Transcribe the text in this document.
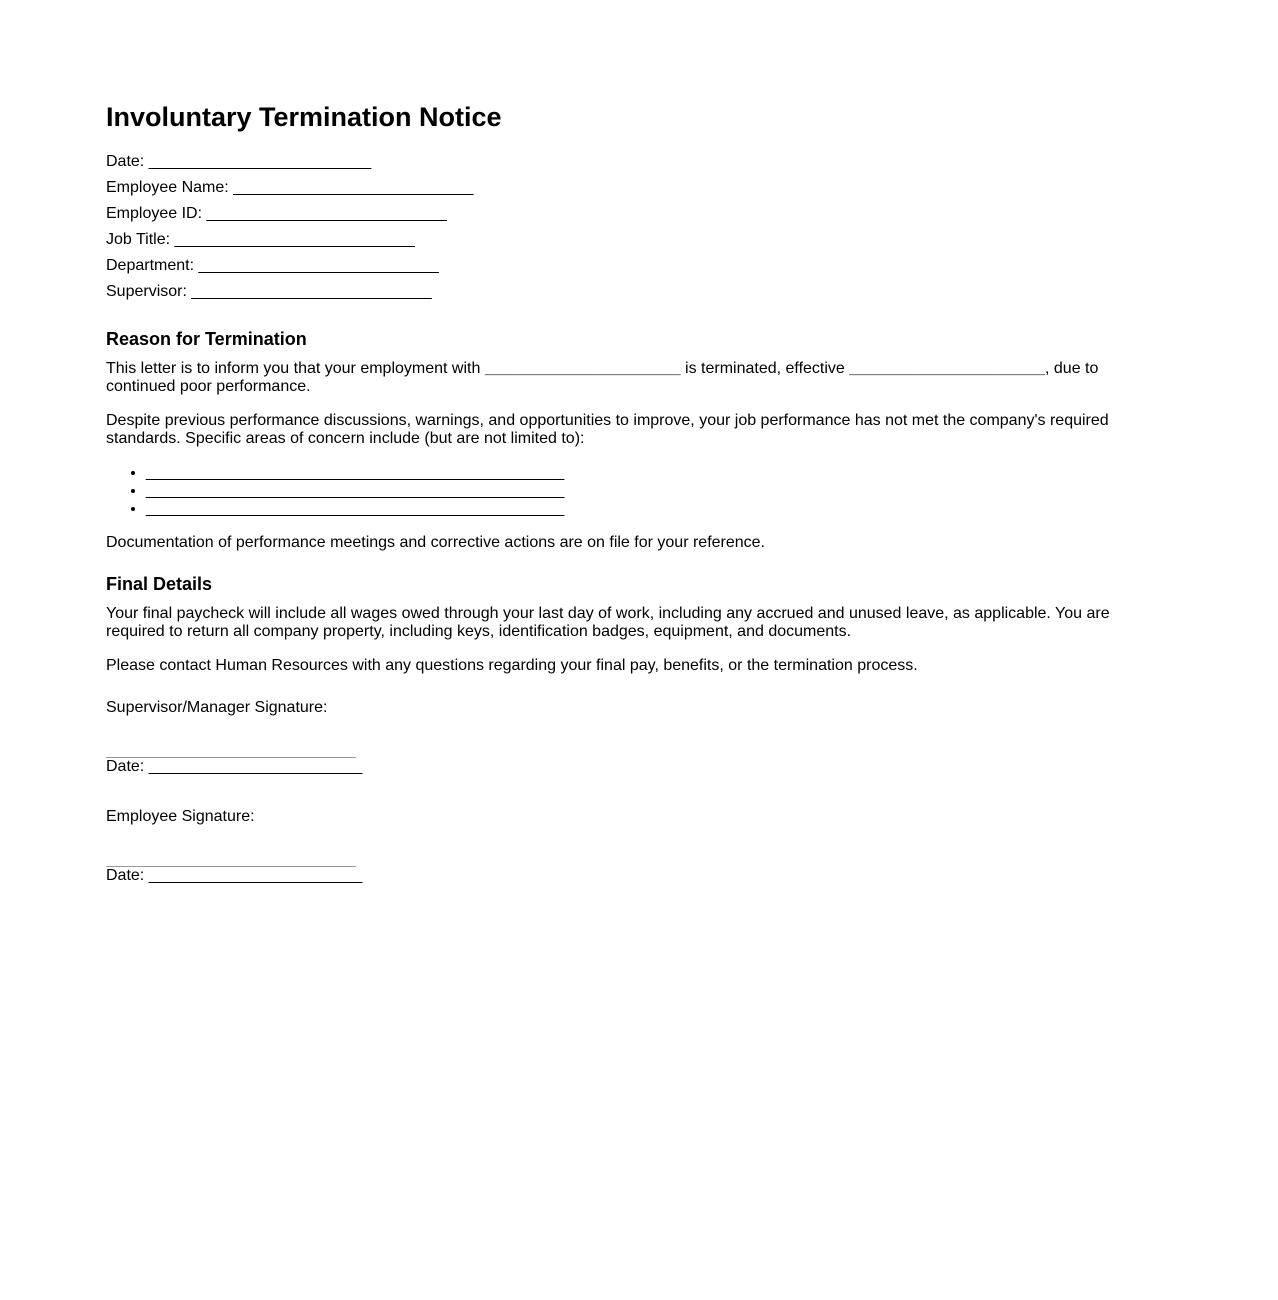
Involuntary Termination Notice
Date: _________________________
Employee Name: ___________________________
Employee ID: ___________________________
Job Title: ___________________________
Department: ___________________________
Supervisor: ___________________________
Reason for Termination

This letter is to inform you that your employment with ______________________ is terminated, effective ______________________, due to continued poor performance.

Despite previous performance discussions, warnings, and opportunities to improve, your job performance has not met the company's required standards. Specific areas of concern include (but are not limited to):

• _______________________________________________
• _______________________________________________
• _______________________________________________

Documentation of performance meetings and corrective actions are on file for your reference.

Final Details

Your final paycheck will include all wages owed through your last day of work, including any accrued and unused leave, as applicable. You are required to return all company property, including keys, identification badges, equipment, and documents.

Please contact Human Resources with any questions regarding your final pay, benefits, or the termination process.

Supervisor/Manager Signature:

Date: ________________________

Employee Signature:

Date: ________________________
